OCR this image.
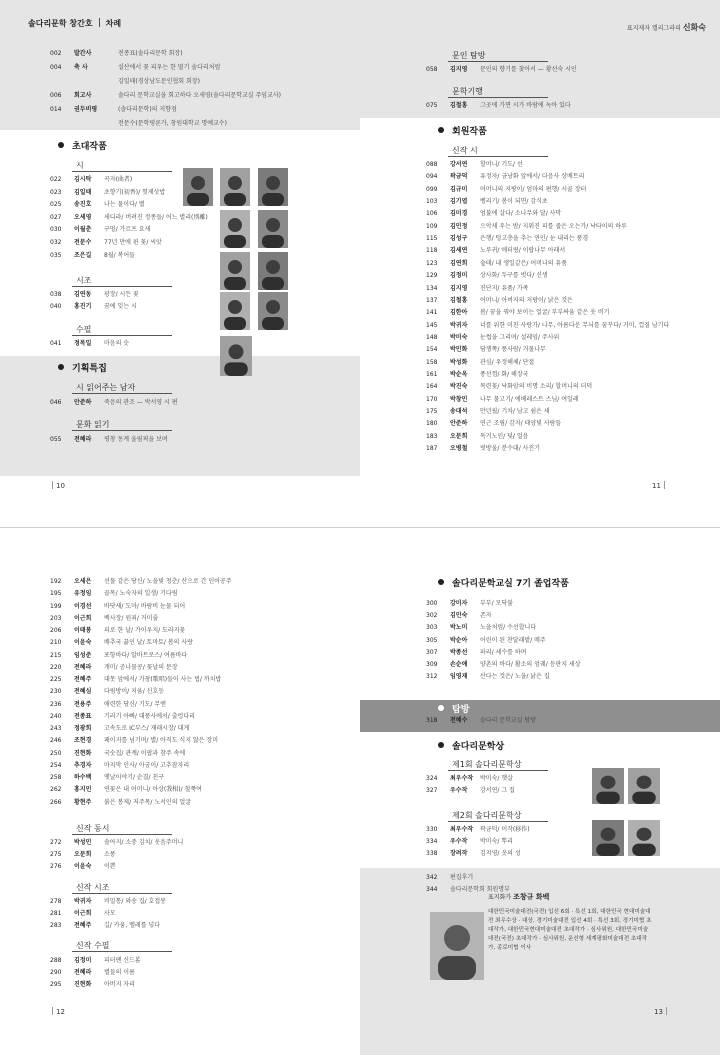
솔다리문학 창간호 차례
002 발간사	전종표(솔다리문학 회장)
004 축 사	설산에서 꽃 피우는 한 떨기 솔다리처럼
김일태(경상남도문인협회 회장)
006 회고사	솔다리 문학교실을 회고하다 오세영(솔다리문학교실 주임교사)
014 권두비평	(솔다리문학)의 지향점
전문수(문학평론가, 창원대학교 명예교수)
초대작품
시
022 김시탁 곡자(曲者)
023 김일태 초향기(初香)/ 헛제삿밥
025 송진호 나는 물이다/ 별
027 오세영 새디라/ 버려진 정종들/ 어느 별리(別離)
030 이월춘 구멍/ 가르프 요새
032 전문수 77년 만에 핀 꽃/ 씨앗
035 조은길 8월/ 복어들
시조
038 김연동 광장/ 시든 꽃
040 홍진기 꿈에 잊는 시
수필
041 정목일 마음의 숫
기획특집
시 읽어주는 남자
046 안준하 죽음의 관조 — 박서영 시 편
문화 읽기
055 전혜라 평창 동계 올림픽을 보며
10
표지제자 캘리그라피 신화숙
문인 탐방
058 김지영 문인의 향기를 찾아서 — 황선숙 시인
문학기행
075 김철홍 그곳에 가면 시가 바람에 녹아 있다
회원작품
신작 시
088 강서연 할머니/ 기도/ 선
094 곽금덕 유정자/ 금낭화 앞에서/ 다음사 상배트리
099 김규미 어머니의 지팡이/ 엄마의 편행/ 시골 장터
103 김기엽 벵리기/ 봄이 되면/ 감식초
106 김미경 엄불에 살다/ 소나무와 달/ 사막
109 김민정 으악새 우는 밤/ 지워진 피를 줍은 오는가/ 낙타이의 하루
115 김성구 은행/ 텅고층을 추는 연인/ 눈 내리는 풍경
118 김세연 노루귀/ 애터링/ 이랍나무 아래서
123 김연희 숲태/ 내 생일같은/ 어머니의 유품
129 김정미 상사화/ 두구를 벗다/ 신생
134 김지영 진단지/ 유품/ 가족
137 김철홍 어머니/ 아버지의 지팡이/ 낡은 것은
141 김한아 봄/ 꿈을 꿔야 보이는 얼굴/ 부부싸움 같은 웃 비기
145 박귀자 너를 위한 미친 사랑가/ 나무, 아름다운 무늬를 꿈꾸다/ 거미, 껍질 남기다
148 박미숙 눈썹을 그리며/ 설레임/ 주사위
154 박민화 담쟁쪽/ 풍사람/ 거물나무
158 박성화 관심/ 우정해체/ 단절
161 박순옥 풍선껌/ 화/ 해장국
164 박진숙 목련꽃/ 낙화암의 비명 소리/ 할머니의 더덕
170 박창민 나무 물고기/ 에베레스트 스님/ 여일레
175 송대석 만년필/ 기차/ 남고 쉼은 새
180 안준하 연근 조림/ 감자/ 태양빛 사람들
183 오문희 독거노인/ 덫/ 얼음
187 오병철 빗방울/ 분수대/ 사진기
11
192 오세은 선물 같은 당신/ 노을빛 청춘/ 산으로 간 인어공주
195 유정임 골목/ 노숙자의 일생/ 기다림
199 이경선 바닷새/ 도마/ 바람비 눈물 되어
203 이근희 백사장/ 원죄/ 거미줄
206 이태봉 피로 한 날/ 가이우지/ 도라지꽃
210 이윤숙 배추국 끓인 날/ 토마토/ 봄의 사랑
215 임성준 포항바다/ 알바트로스/ 여름바다
220 전혜라 개미/ 공나물콩/ 꽃날의 문장
225 전혜주 대못 앞에서/ 가창(歌唱)들이 사는 법/ 까치밥
230 전혜심 다림방이/ 지움/ 신호등
236 전용주 애련한 당신/ 기도/ 무엔
240 전종표 기러기 아빠/ 대풍사에서/ 출렁다리
243 정광희 고속도로 IC부스/ 재래시장/ 대게
246 조현경 페이지를 넘기며/ 별/ 아직도 식지 않은 장미
250 진현화 국숫집/ 관계/ 이팝과 참주 속에
254 추경자 마지막 인사/ 아궁이/ 고추잠자리
258 하수백 옛날이야기/ 순결/ 친구
262 홍지민 연꽃은 내 어머니/ 아상(我相)/ 철쭉여
266 황현주 붉은 봉제/ 저주목/ 노서인의 얼굴
신작 동시
272 박성민 솔아지/ 소중 김치/ 웃음주머니
275 오문희 소풍
276 이윤숙 이쁜
신작 시조
278 박귀자 비밀통/ 와송 집/ 호접몽
281 이근희 사모
283 전혜주 길/ 카움, 밸레를 넣다
신작 수필
288 김정미 피터팬 신드롬
290 전혜라 별들의 이름
295 진현화 아버지 자리
12
솔다리문학교실 7기 졸업작품
300 강미자 부부/ 모닥불
302 김민숙 존자
303 박노미 노을처럼/ 수선합니다
305 박순아 어린이 된 찬달래밭/ 메주
307 박종선 파리/ 세수를 하며
309 손순애 양촌의 바다/ 활소의 엄궤/ 등판지 세상
312 임영재 산다는 것은/ 노을/ 낡은 집
탐방
318 전혜수 솔다리 문학교실 탐방
솔다리문학상
제1회 솔다리문학상
324 최우수작 박미숙/ 햇살
327 우수작 강서연/ 그 집
제2회 솔다리문학상
330 최우수작 곽금덕/ 이작(移作)
334 우수작 박미숙/ 뿌리
338 장려작 김지영/ 옷의 성
342 편집후기
344 솔다리문학회 회원명부
표지화가 조창규 화백
대한민국미술대전(국전) 입선 6회 · 특선 1회, 대한민국 현대미술대
전 최우수상 · 대상, 경기미술대전 입선 4회 · 특선 3회, 경기미협 초
대작가, 대한민국현대미술대전 초대작가 · 심사위원, 대한민국미술
대전(국전) 초대작가 · 심사위원, 운선형 세계평화미술대전 초대작
가, 종로미협 이사
13
